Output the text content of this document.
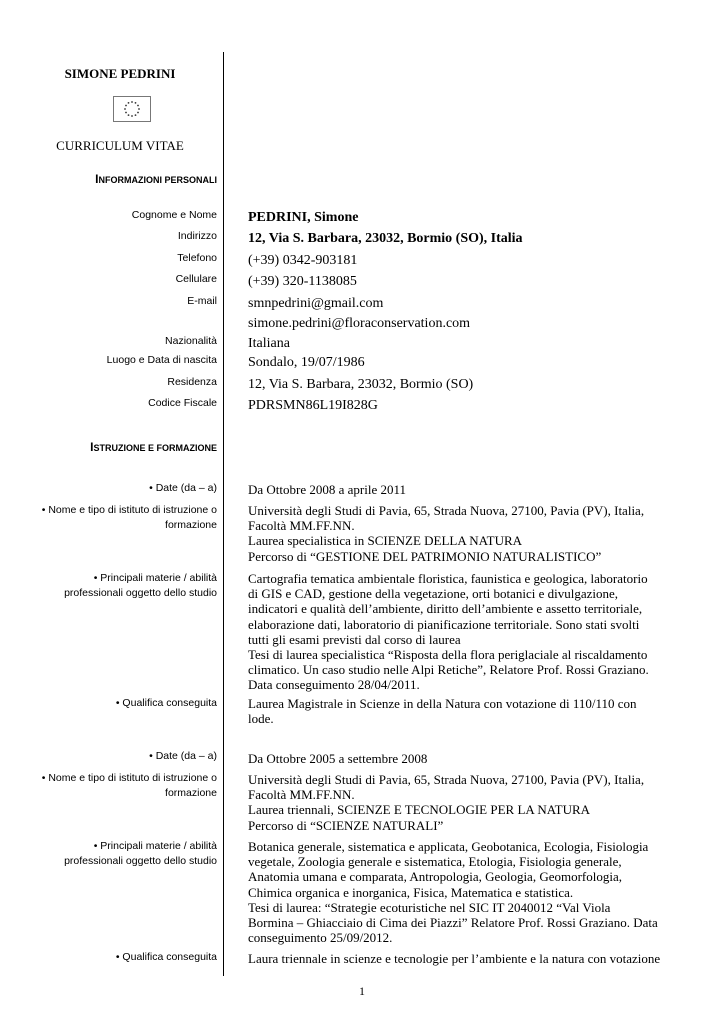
SIMONE PEDRINI
CURRICULUM VITAE
INFORMAZIONI PERSONALI
Cognome e Nome PEDRINI, Simone
Indirizzo 12, Via S. Barbara, 23032, Bormio (SO), Italia
Telefono (+39) 0342-903181
Cellulare (+39) 320-1138085
E-mail smnpedrini@gmail.com
simone.pedrini@floraconservation.com
Nazionalità Italiana
Luogo e Data di nascita Sondalo, 19/07/1986
Residenza 12, Via S. Barbara, 23032, Bormio (SO)
Codice Fiscale PDRSMN86L19I828G
ISTRUZIONE E FORMAZIONE
• Date (da – a) Da Ottobre 2008 a aprile 2011
• Nome e tipo di istituto di istruzione o
formazione
Università degli Studi di Pavia, 65, Strada Nuova, 27100, Pavia (PV), Italia,
Facoltà MM.FF.NN.
Laurea specialistica in SCIENZE DELLA NATURA
Percorso di “GESTIONE DEL PATRIMONIO NATURALISTICO”
• Principali materie / abilità
professionali oggetto dello studio
Cartografia tematica ambientale floristica, faunistica e geologica, laboratorio
di GIS e CAD, gestione della vegetazione, orti botanici e divulgazione,
indicatori e qualità dell’ambiente, diritto dell’ambiente e assetto territoriale,
elaborazione dati, laboratorio di pianificazione territoriale. Sono stati svolti
tutti gli esami previsti dal corso di laurea
Tesi di laurea specialistica “Risposta della flora periglaciale al riscaldamento
climatico. Un caso studio nelle Alpi Retiche”, Relatore Prof. Rossi Graziano.
Data conseguimento 28/04/2011.
• Qualifica conseguita Laurea Magistrale in Scienze in della Natura con votazione di 110/110 con
lode.
• Date (da – a) Da Ottobre 2005 a settembre 2008
• Nome e tipo di istituto di istruzione o
formazione
Università degli Studi di Pavia, 65, Strada Nuova, 27100, Pavia (PV), Italia,
Facoltà MM.FF.NN.
Laurea triennali, SCIENZE E TECNOLOGIE PER LA NATURA
Percorso di “SCIENZE NATURALI”
• Principali materie / abilità
professionali oggetto dello studio
Botanica generale, sistematica e applicata, Geobotanica, Ecologia, Fisiologia
vegetale, Zoologia generale e sistematica, Etologia, Fisiologia generale,
Anatomia umana e comparata, Antropologia, Geologia, Geomorfologia,
Chimica organica e inorganica, Fisica, Matematica e statistica.
Tesi di laurea: “Strategie ecoturistiche nel SIC IT 2040012 “Val Viola
Bormina – Ghiacciaio di Cima dei Piazzi” Relatore Prof. Rossi Graziano. Data
conseguimento 25/09/2012.
• Qualifica conseguita Laura triennale in scienze e tecnologie per l’ambiente e la natura con votazione
1
